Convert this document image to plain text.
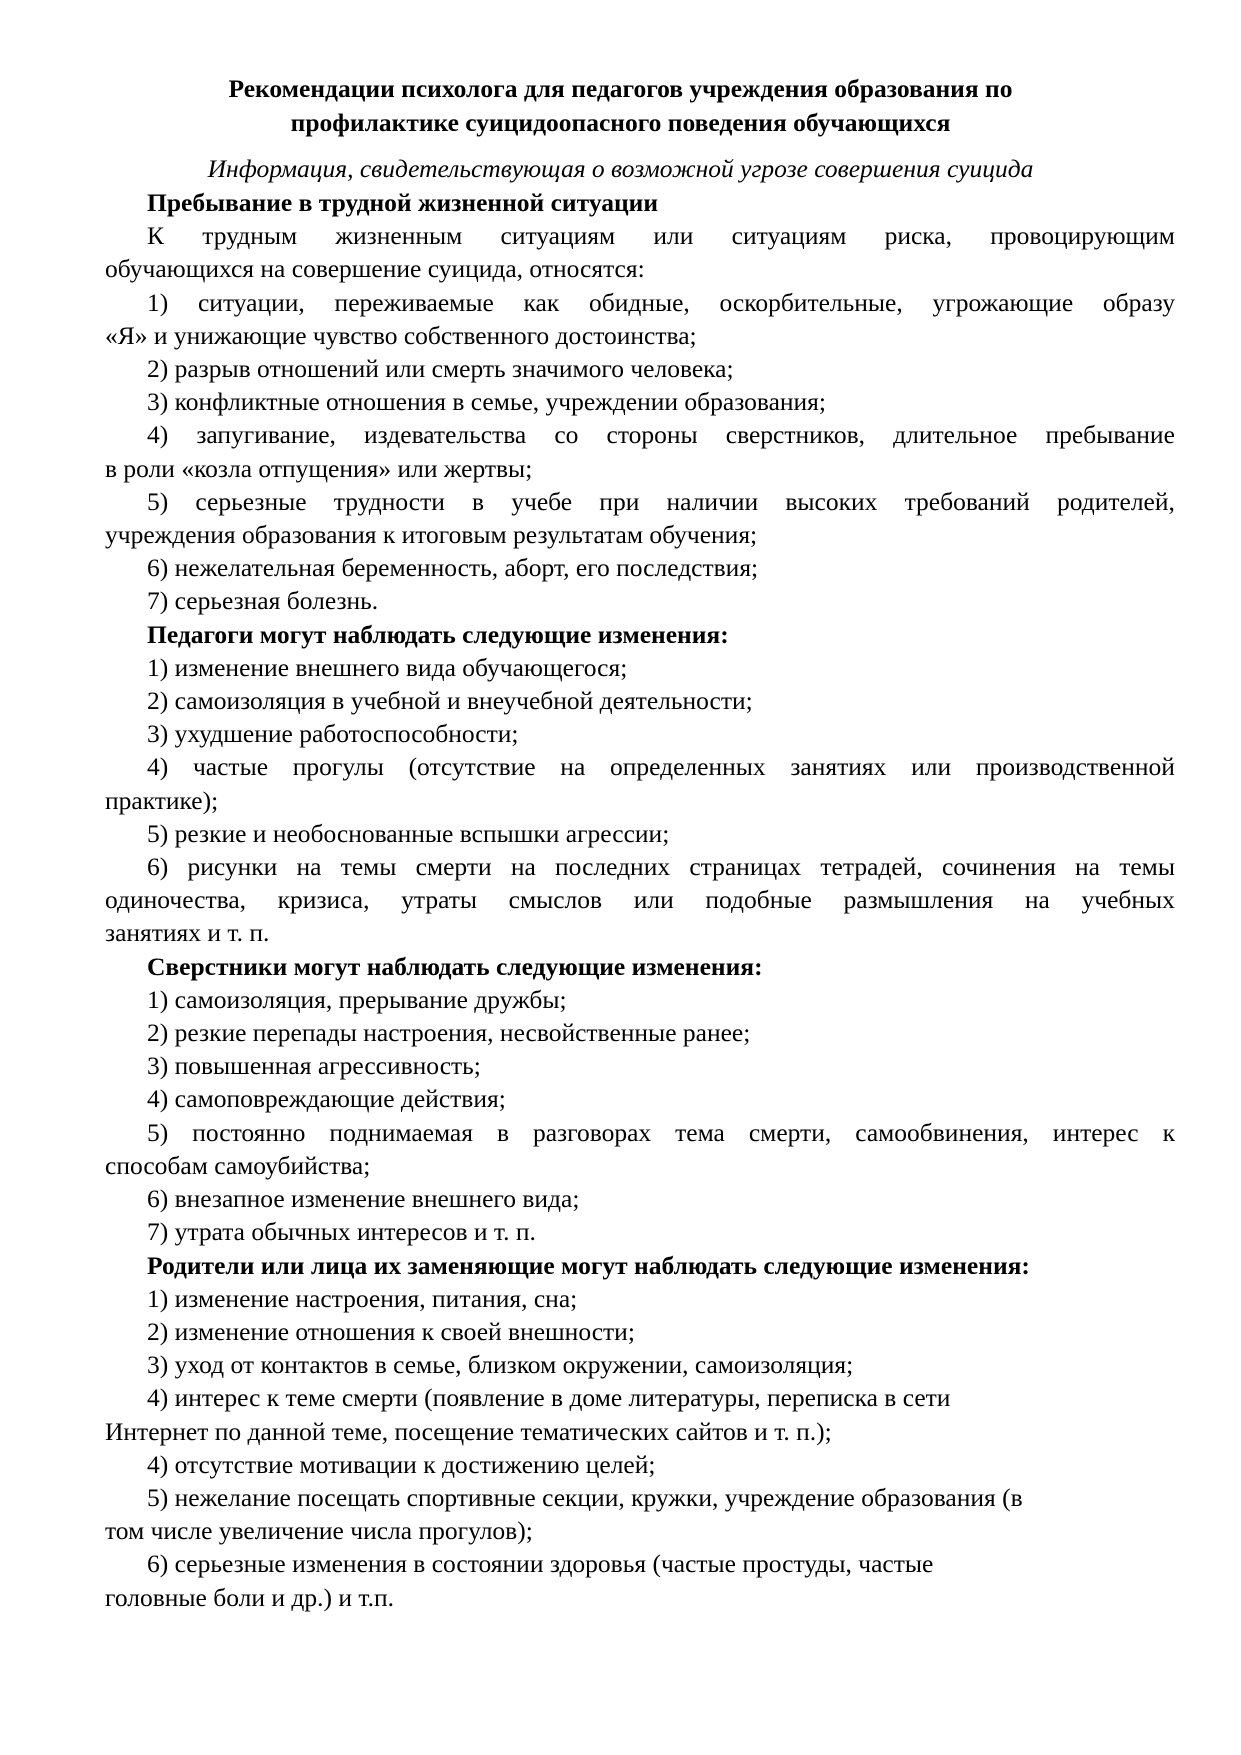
Рекомендации психолога для педагогов учреждения образования по
профилактике суицидоопасного поведения обучающихся
Информация, свидетельствующая о возможной угрозе совершения суицида
Пребывание в трудной жизненной ситуации
К трудным жизненным ситуациям или ситуациям риска, провоцирующим
обучающихся на совершение суицида, относятся:
1) ситуации, переживаемые как обидные, оскорбительные, угрожающие образу
«Я» и унижающие чувство собственного достоинства;
2) разрыв отношений или смерть значимого человека;
3) конфликтные отношения в семье, учреждении образования;
4) запугивание, издевательства со стороны сверстников, длительное пребывание
в роли «козла отпущения» или жертвы;
5) серьезные трудности в учебе при наличии высоких требований родителей,
учреждения образования к итоговым результатам обучения;
6) нежелательная беременность, аборт, его последствия;
7) серьезная болезнь.
Педагоги могут наблюдать следующие изменения:
1) изменение внешнего вида обучающегося;
2) самоизоляция в учебной и внеучебной деятельности;
3) ухудшение работоспособности;
4) частые прогулы (отсутствие на определенных занятиях или производственной
практике);
5) резкие и необоснованные вспышки агрессии;
6) рисунки на темы смерти на последних страницах тетрадей, сочинения на темы
одиночества, кризиса, утраты смыслов или подобные размышления на учебных
занятиях и т. п.
Сверстники могут наблюдать следующие изменения:
1) самоизоляция, прерывание дружбы;
2) резкие перепады настроения, несвойственные ранее;
3) повышенная агрессивность;
4) самоповреждающие действия;
5) постоянно поднимаемая в разговорах тема смерти, самообвинения, интерес к
способам самоубийства;
6) внезапное изменение внешнего вида;
7) утрата обычных интересов и т. п.
Родители или лица их заменяющие могут наблюдать следующие изменения:
1) изменение настроения, питания, сна;
2) изменение отношения к своей внешности;
3) уход от контактов в семье, близком окружении, самоизоляция;
4) интерес к теме смерти (появление в доме литературы, переписка в сети
Интернет по данной теме, посещение тематических сайтов и т. п.);
4) отсутствие мотивации к достижению целей;
5) нежелание посещать спортивные секции, кружки, учреждение образования (в
том числе увеличение числа прогулов);
6) серьезные изменения в состоянии здоровья (частые простуды, частые
головные боли и др.) и т.п.
